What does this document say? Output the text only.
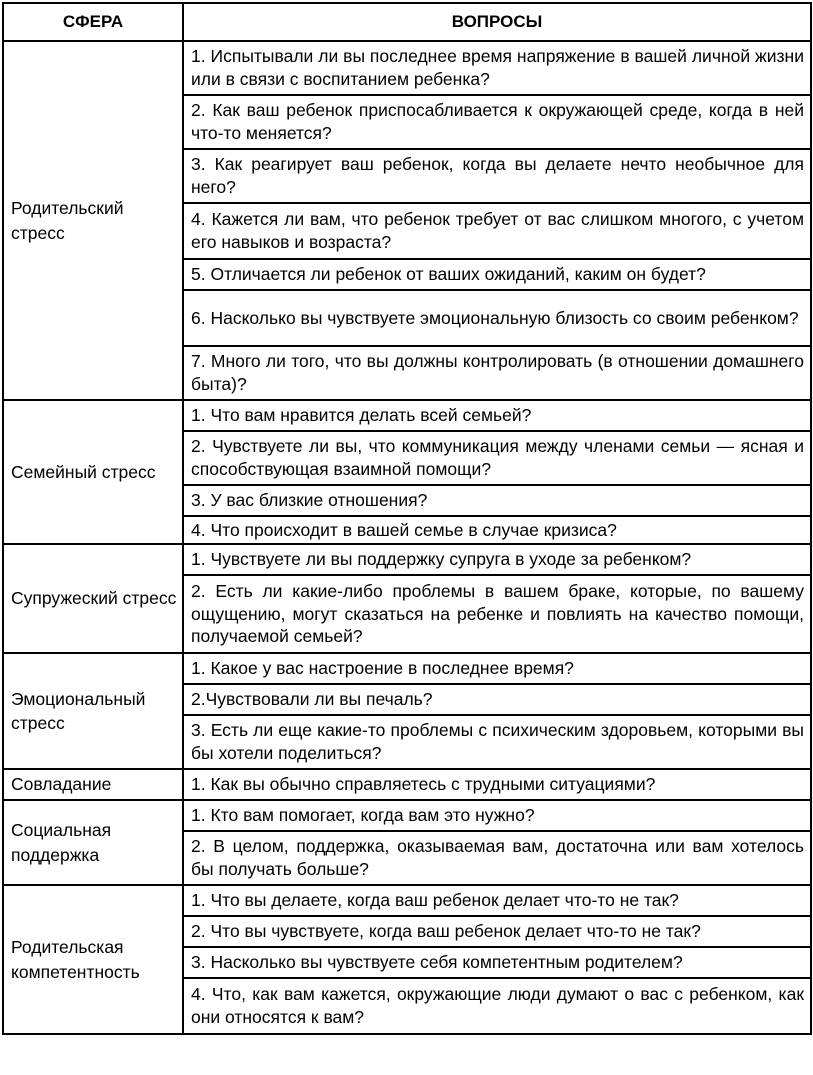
СФЕРА	ВОПРОСЫ
Родительский стресс	1. Испытывали ли вы последнее время напряжение в вашей личной жизни или в связи с воспитанием ребенка?

	2. Как ваш ребенок приспосабливается к окружающей среде, когда в ней что-то меняется?

	3. Как реагирует ваш ребенок, когда вы делаете нечто необычное для него?

	4. Кажется ли вам, что ребенок требует от вас слишком многого, с учетом его навыков и возраста?

	5. Отличается ли ребенок от ваших ожиданий, каким он будет?

	6. Насколько вы чувствуете эмоциональную близость со своим ребенком?

	7. Много ли того, что вы должны контролировать (в отношении домашнего быта)?

Семейный стресс	1. Что вам нравится делать всей семьей?

	2. Чувствуете ли вы, что коммуникация между членами семьи — ясная и способствующая взаимной помощи?

	3. У вас близкие отношения?

	4. Что происходит в вашей семье в случае кризиса?

Супружеский стресс	1. Чувствуете ли вы поддержку супруга в уходе за ребенком?

	2. Есть ли какие-либо проблемы в вашем браке, которые, по вашему ощущению, могут сказаться на ребенке и повлиять на качество помощи, получаемой семьей?

Эмоциональный стресс	1. Какое у вас настроение в последнее время?

	2.Чувствовали ли вы печаль?

	3. Есть ли еще какие-то проблемы с психическим здоровьем, которыми вы бы хотели поделиться?

Совладание	1. Как вы обычно справляетесь с трудными ситуациями?

Социальная поддержка	1. Кто вам помогает, когда вам это нужно?

	2. В целом, поддержка, оказываемая вам, достаточна или вам хотелось бы получать больше?

Родительская компетентность	1. Что вы делаете, когда ваш ребенок делает что-то не так?

	2. Что вы чувствуете, когда ваш ребенок делает что-то не так?

	3. Насколько вы чувствуете себя компетентным родителем?

	4. Что, как вам кажется, окружающие люди думают о вас с ребенком, как они относятся к вам?
